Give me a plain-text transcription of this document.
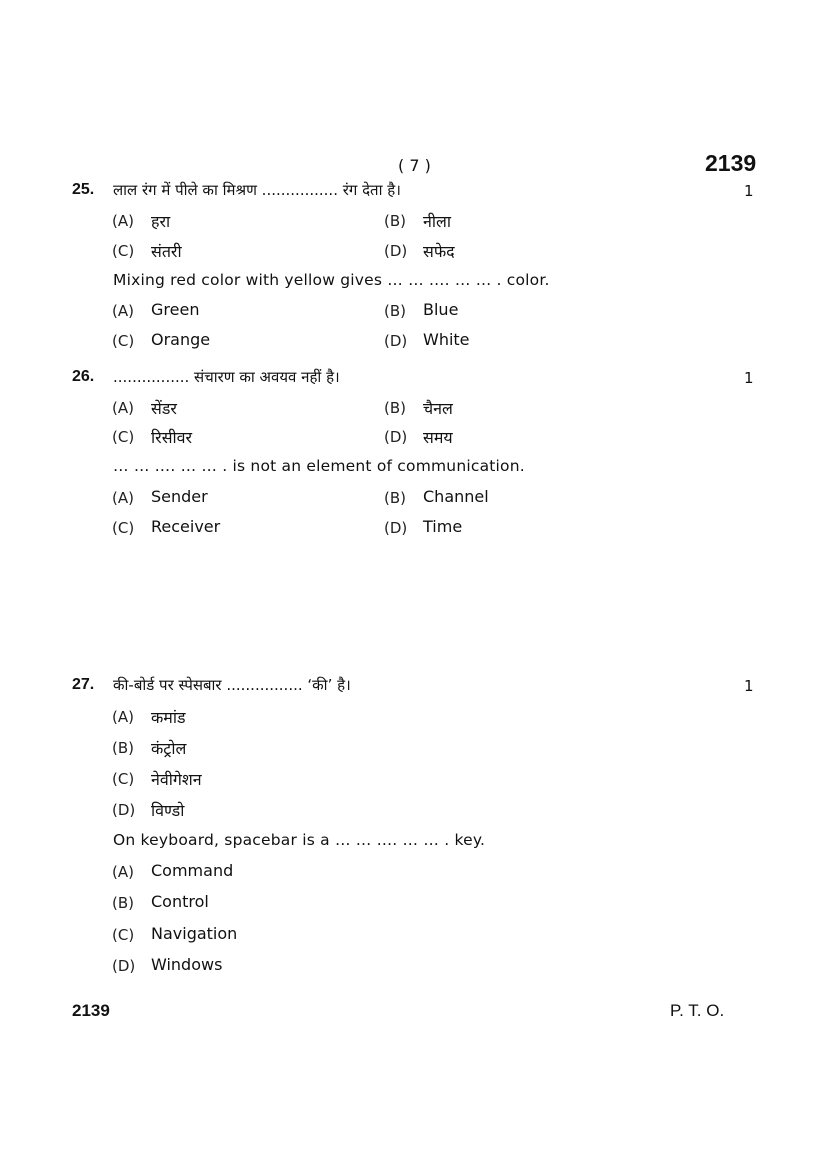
( 7 )	2139
25. लाल रंग में पीले का मिश्रण ................ रंग देता है।	1
(A) हरा	(B) नीला
(C) संतरी	(D) सफेद
Mixing red color with yellow gives … … …. … … . color.
(A) Green	(B) Blue
(C) Orange	(D) White
26. ................ संचारण का अवयव नहीं है।	1
(A) सेंडर	(B) चैनल
(C) रिसीवर	(D) समय
… … …. … … . is not an element of communication.
(A) Sender	(B) Channel
(C) Receiver	(D) Time
27. की-बोर्ड पर स्पेसबार ................ ‘की’ है।	1
(A) कमांड
(B) कंट्रोल
(C) नेवीगेशन
(D) विण्डो
On keyboard, spacebar is a … … …. … … . key.
(A) Command
(B) Control
(C) Navigation
(D) Windows
2139	P. T. O.
